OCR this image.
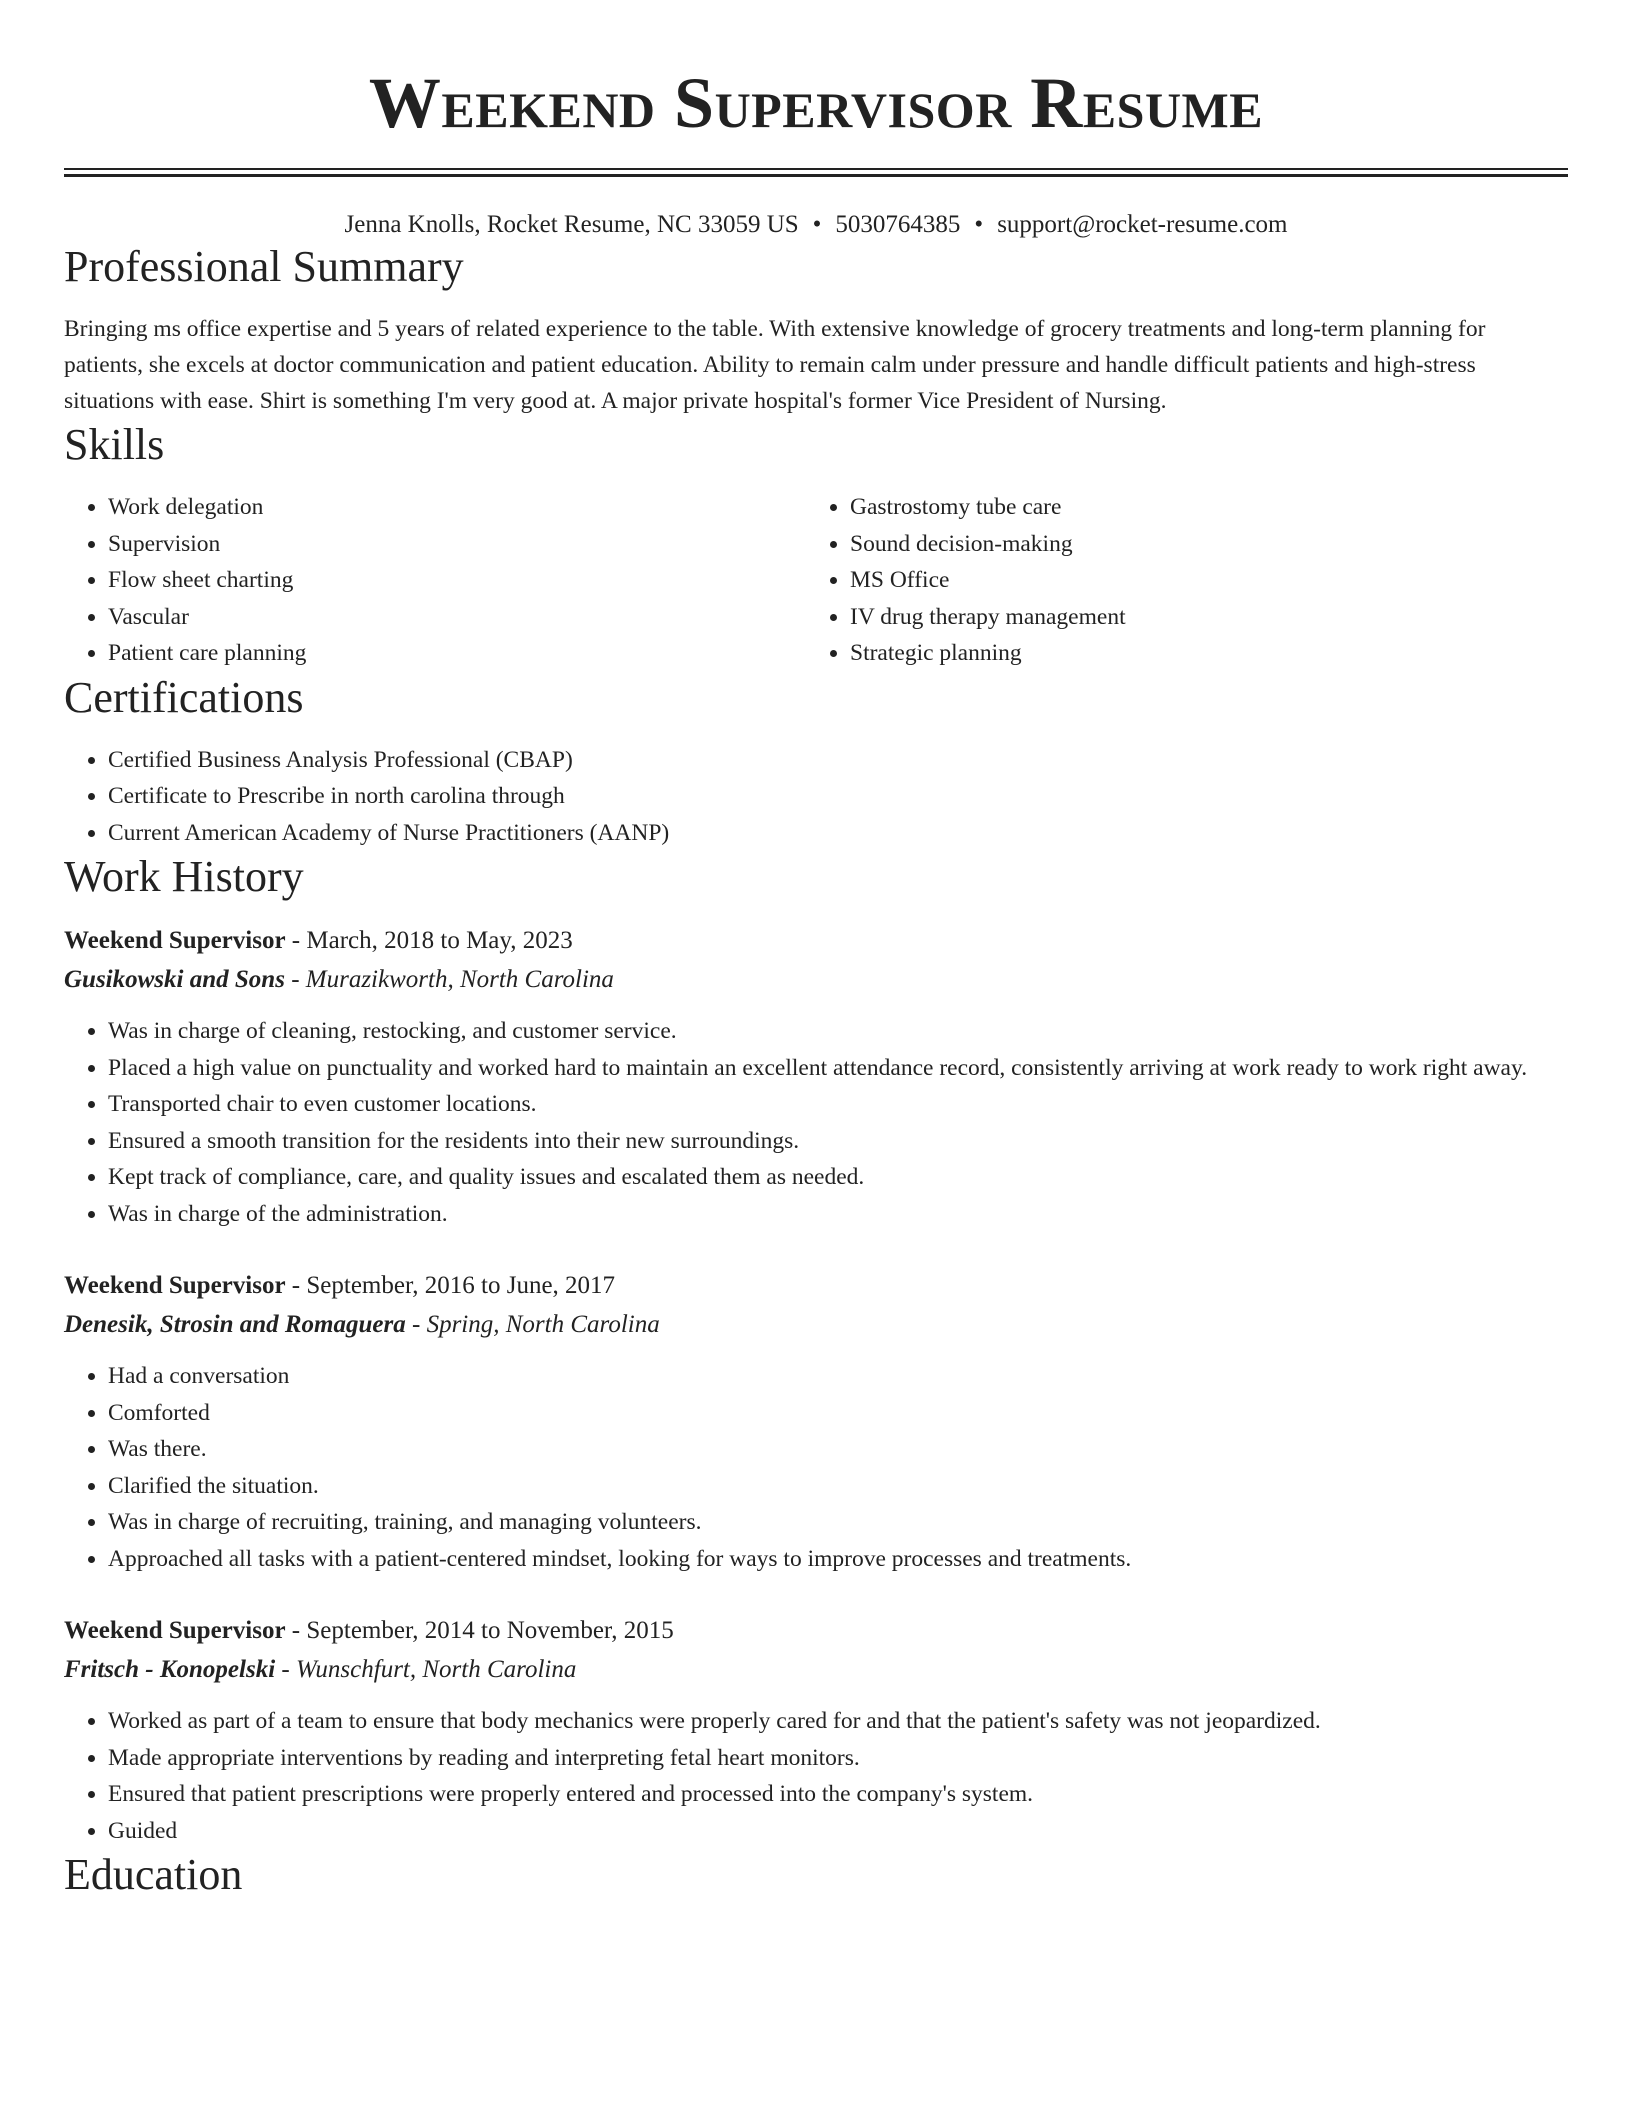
Weekend Supervisor Resume
Jenna Knolls, Rocket Resume, NC 33059 US • 5030764385 • support@rocket-resume.com
Professional Summary

Bringing ms office expertise and 5 years of related experience to the table. With extensive knowledge of grocery treatments and long-term planning for patients, she excels at doctor communication and patient education. Ability to remain calm under pressure and handle difficult patients and high-stress situations with ease. Shirt is something I'm very good at. A major private hospital's former Vice President of Nursing.

Skills
• Work delegation
• Supervision
• Flow sheet charting
• Vascular
• Patient care planning
• Gastrostomy tube care
• Sound decision-making
• MS Office
• IV drug therapy management
• Strategic planning
Certifications
• Certified Business Analysis Professional (CBAP)
• Certificate to Prescribe in north carolina through
• Current American Academy of Nurse Practitioners (AANP)
Work History
Weekend Supervisor - March, 2018 to May, 2023
Gusikowski and Sons - Murazikworth, North Carolina
• Was in charge of cleaning, restocking, and customer service.
• Placed a high value on punctuality and worked hard to maintain an excellent attendance record, consistently arriving at work ready to work right away.
• Transported chair to even customer locations.
• Ensured a smooth transition for the residents into their new surroundings.
• Kept track of compliance, care, and quality issues and escalated them as needed.
• Was in charge of the administration.
Weekend Supervisor - September, 2016 to June, 2017
Denesik, Strosin and Romaguera - Spring, North Carolina
• Had a conversation
• Comforted
• Was there.
• Clarified the situation.
• Was in charge of recruiting, training, and managing volunteers.
• Approached all tasks with a patient-centered mindset, looking for ways to improve processes and treatments.
Weekend Supervisor - September, 2014 to November, 2015
Fritsch - Konopelski - Wunschfurt, North Carolina
• Worked as part of a team to ensure that body mechanics were properly cared for and that the patient's safety was not jeopardized.
• Made appropriate interventions by reading and interpreting fetal heart monitors.
• Ensured that patient prescriptions were properly entered and processed into the company's system.
• Guided
Education
